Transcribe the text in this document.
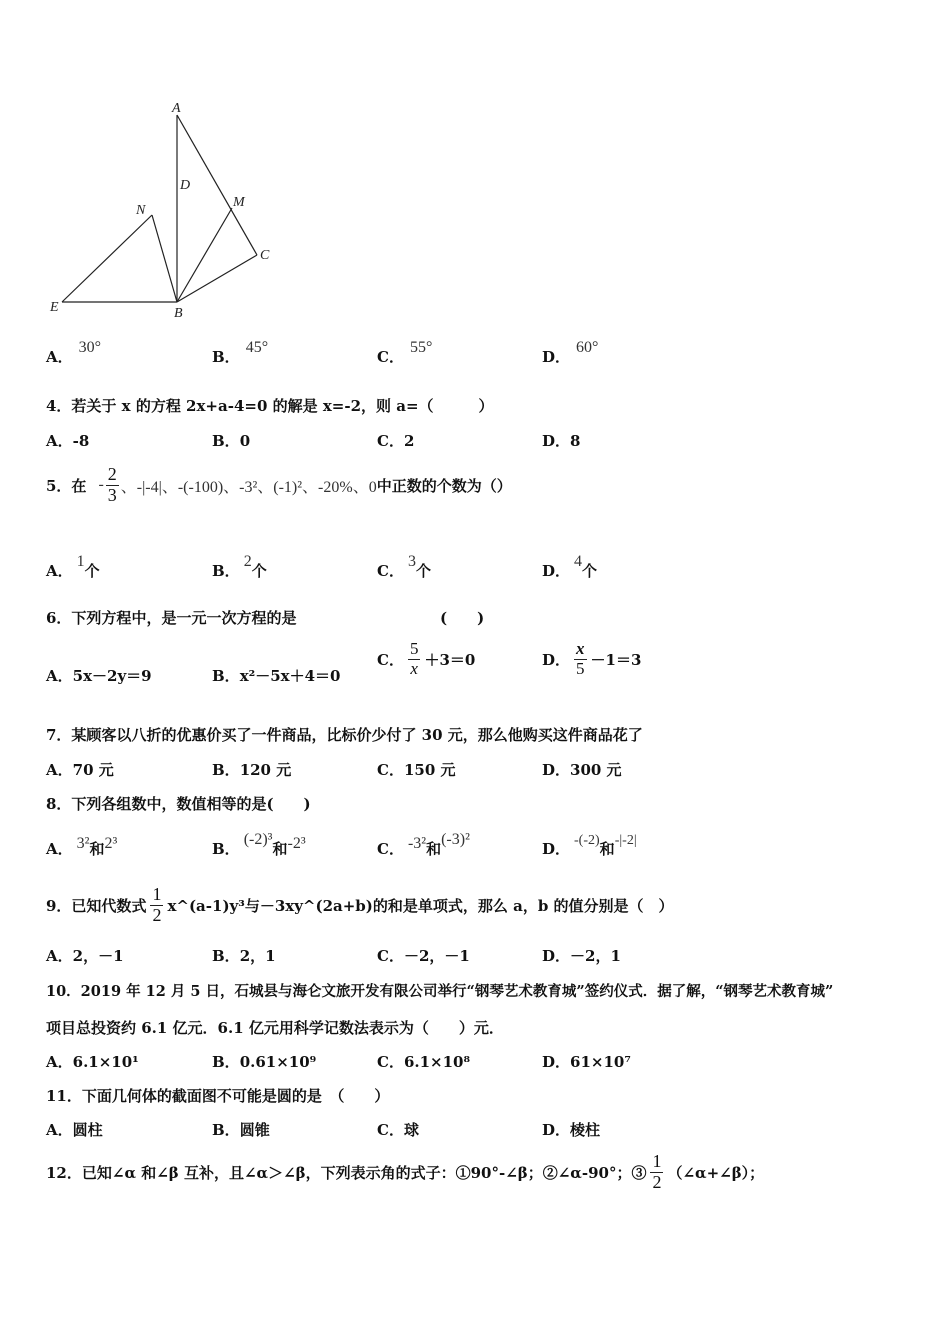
A
D
N
M
C
E	B
A．30°
B．45°
C．55°
D．60°
4．若关于 x 的方程 2x+a-4=0 的解是 x=-2，则 a=（　　　）
A．-8	B．0	C．2	D．8
5．在 - $\frac{2}{3}$ 、-|-4|、-(-100)、-3²、(-1)²、-20%、0 中正数的个数为（）
A．1个	B．2个	C．3个	D．4个
6．下列方程中，是一元一次方程的是	(　　)
A．5x－2y＝9	B．x²－5x＋4＝0
C． $\frac{5}{x} +3=0$	D． $\frac{x}{5} -1=3$
7．某顾客以八折的优惠价买了一件商品，比标价少付了 30 元，那么他购买这件商品花了
A．70 元	B．120 元	C．150 元	D．300 元
8．下列各组数中，数值相等的是(　　)
A． 3²和2³	B．(-2)³和-2³	C． -3²和(-3)²
D． -(-2)和-|-2|
9．已知代数式 $\frac{1}{2}$ x^(a-1)y³与－3xy^(2a+b)的和是单项式，那么 a，b 的值分别是（　）
A．2，－1	B．2，1	C．－2，－1	D．－2，1
10．2019 年 12 月 5 日，石城县与海仑文旅开发有限公司举行“钢琴艺术教育城”签约仪式．据了解，“钢琴艺术教育城”
项目总投资约 6.1 亿元．6.1 亿元用科学记数法表示为（　　）元．
A．6.1×10¹	B．0.61×10⁹	C．6.1×10⁸	D．61×10⁷
11．下面几何体的截面图不可能是圆的是　（　　）
A．圆柱	B．圆锥	C．球	D．棱柱
12．已知∠α 和∠β 互补，且∠α＞∠β，下列表示角的式子：①90°-∠β；②∠α-90°；③ $\frac{1}{2}$ （∠α+∠β）；
